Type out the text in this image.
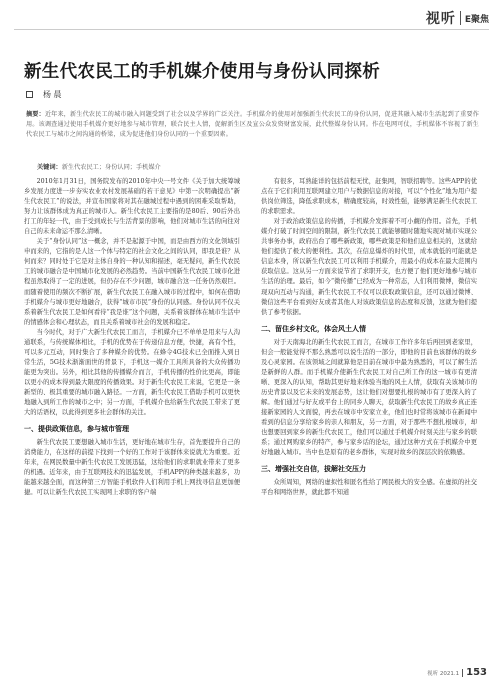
视听 E聚焦
新生代农民工的手机媒介使用与身份认同探析
杨 晨
摘要：近年来，新生代农民工的城市融入问题受到了社会以及学界的广泛关注。手机媒介的使用对加强新生代农民工的身份认同，促进其融入城市生活起到了重要作用。该调查通过使用手机媒介更好地参与城市管理，联合民主人情，促解新生区及宣公众发资财富发展，此代整媒身份认同。作在电网可仗，手机媒体不容视了新生代农民工与城市之间沟通的桥梁，成为促进他们身份认同的一个重要因素。
关键词：新生代农民工；身份认同；手机媒介

2010年1月31日，国务院发布的2010年中央一号文件《关于加大统筹城乡发展力度进一步夯实农业农村发展基础的若干意见》中第一次明确提出“新生代农民工”的说法，并宣布国家将对其在融城过程中遇到的困难采取帮助，努力让该群体成为真正的城市人。新生代农民工主要指的是80后、90后外出打工的年轻一代，由于受到成长与生活背景的影响，他们对城市生活的向往对自己的未来命运不那么清晰。

关于“身份认同”这一概念，并不是起源于中国，而是由西方的文化领域引申而来的，它指的是人这一个体与特定的社会文化之间的认同，即我是谁？从何而来？同时处于它是对主体自身的一种认知和描述，毫无疑问，新生代农民工的城市融合是中国城市化发展的必然趋势。当前中国新生代农民工城市化进程虽然取得了一定的进展，但仍存在不少问题，城市融合这一任务仍然艰巨。而随着使用的频次不断扩展，新生代农民工在融入城市的过程中，如何在借助手机媒介与城市更好地融合，获得“城市市民”身份的认同感。身份认同不仅关系着新生代农民工是如何看待“我是谁”这个问题，关系着该群体在城市生活中的情感体会和心理状态，而且关系着城市社会的发展和稳定。

当今时代，对于广大新生代农民工而言，手机媒介已不单单是用来与人沟通联系，与传统媒体相比，手机的优势在于传递信息方便，快捷，高有个性，可以多元互动，同时集合了多种媒介的优势。在蜂令4G技术已全面推入到日常生活，5G技术渐渐面世的背景下，手机这一媒介工具所具备的大众传播功能更为突出。另外，相比其他的传播媒介而言，手机传播的性价比更高，即能以更小的成本得到最大限度的传播效果。对于新生代农民工来说，它更是一条新型的、极其重要的城市融入路径。一方面，新生代农民工借助手机可以更快地融入到所工作的城市之中；另一方面，手机媒介也给新生代农民工带来了更大的话语权，以此得到更多社会群体的关注。

一、提供政策信息，参与城市管理

新生代农民工要想融入城市生活，更好地在城市生存，首先要提升自己的消费能力，在这样的前提下找到一个好的工作对于该群体来说就尤为重要。近年来，在网民数量中新生代农民工发展迅猛，这给他们的求职就业带来了更多的机遇。近年来，由于互联网技术的迅猛发展，手机APP的种类越来越多，功能越来越全面，而这种第三方智能手机软件人们利用手机上网找寻信息更加便捷。可以让新生代农民工实现网上求职的客户端

有很多，耳熟能详的包括前程无忧，赶集网，智联招聘等。这些APP的优点在于它们利用互联网建立用户与数据信息的对接，可以“个性化”地为用户提供岗位筛选，降低求职成本，精确度较高，时效性强，能够满足新生代农民工的求职需求。

对于政治政策信息的传播，手机媒介发挥着不可小觑的作用。首先，手机媒介打破了时间空间的限制，新生代农民工就能够随时随地实现对城市实现公共事务办事，政府出台了哪些新政策，哪些政策是和他们息息相关的，这就给他们提供了极大的便利性。其次，在信息爆炸的时代里，成本就低的可能就是信息本身，所以新生代农民工可以利用手机媒介，用最小的成本在最大范围内获取信息。这从另一方面来说节省了求职开支，也方便了他们更好地参与城市生活的治理。最后，如今“微传播”已经成为一种常态，人们利用微博，微信实现双向互动与沟通，新生代农民工不仅可以获取政策信息，还可以通过微博、微信这些平台看到好友或者其他人对该政策信息的态度和反馈，这就为他们提供了参考依据。

二、留住乡村文化，体会风土人情

对于天南海北的新生代农民工而言，在城市工作许多年后再回到老家里，但会一般能觉得不那么熟悉可以说生活的一部分，即他的目前也该群体的故乡及心灵家园。在该领域之间就算他是目前在城市中最为熟悉的，可以了解生活是新鲜的人群。而手机媒介使新生代农民工对自己所工作的这一城市有更清晰、更深入的认知，帮助其更好地来体验当地的风土人情，获取有关该城市的历史背景以及它未来的发展态势，这让他们对想要扎根的城市有了更深入的了解。他们通过与好友或平台上的同乡人聊天，获取新生代农民工的故乡真正连接新家园的人文面貌，再去在城市中安家立业，他们也时常将该城市在新闻中看到的信息分享给家乡的亲人和朋友，另一方面，对于那些不想扎根城市，却也想要回到家乡的新生代农民工，他们可以通过手机媒介时刻关注与家乡的联系；通过网购家乡的特产，参与家乡话的论坛，通过这种方式在手机媒介中更好地融入城市。当中也是原有的老乡群体，实现对故乡的深层次的依赖感。

三、增强社交自信，拔解社交压力

众所周知，网络的虚拟性和匿名性给了网民极大的安全感。在虚拟的社交平台和网络世界，就此都不知道

视听 2021.1 153
